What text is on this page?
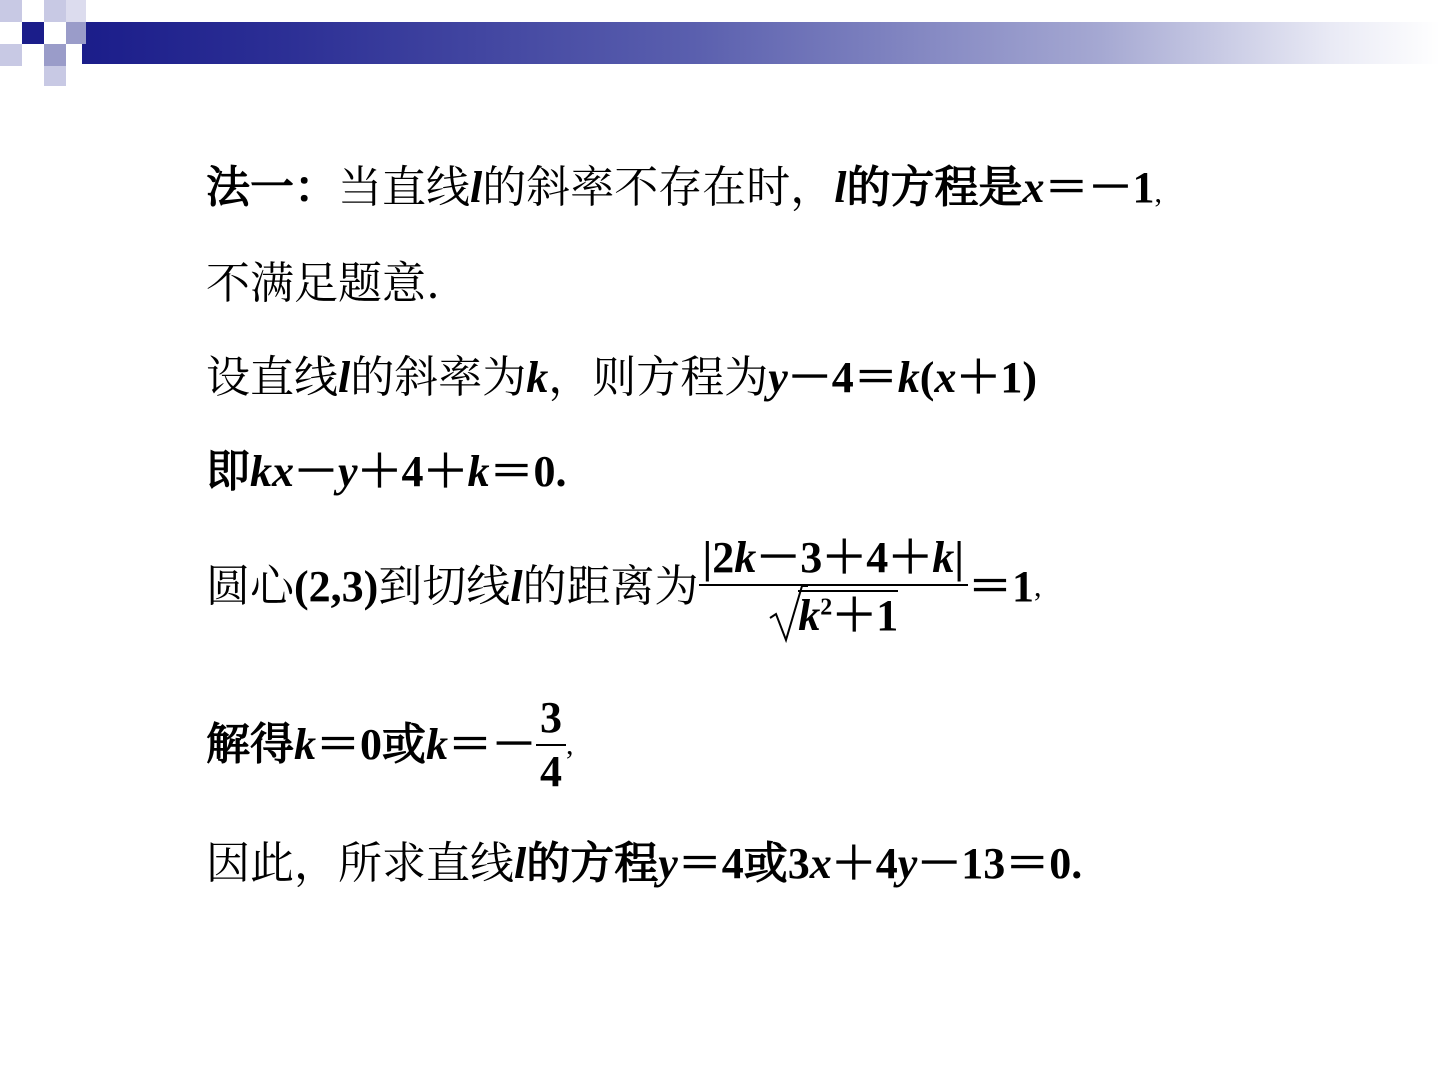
法一：当直线l的斜率不存在时，l的方程是x＝－1,
不满足题意.
设直线l的斜率为k，则方程为y－4＝k(x＋1)
即kx－y＋4＋k＝0.
圆心(2,3)到切线l的距离为 $\frac{|2k-3+4+k|}{k^2+1} =1$,
解得k＝0或$k=- \frac{3}{4}$ ,
因此，所求直线l的方程y＝4或3x＋4y－13＝0.
